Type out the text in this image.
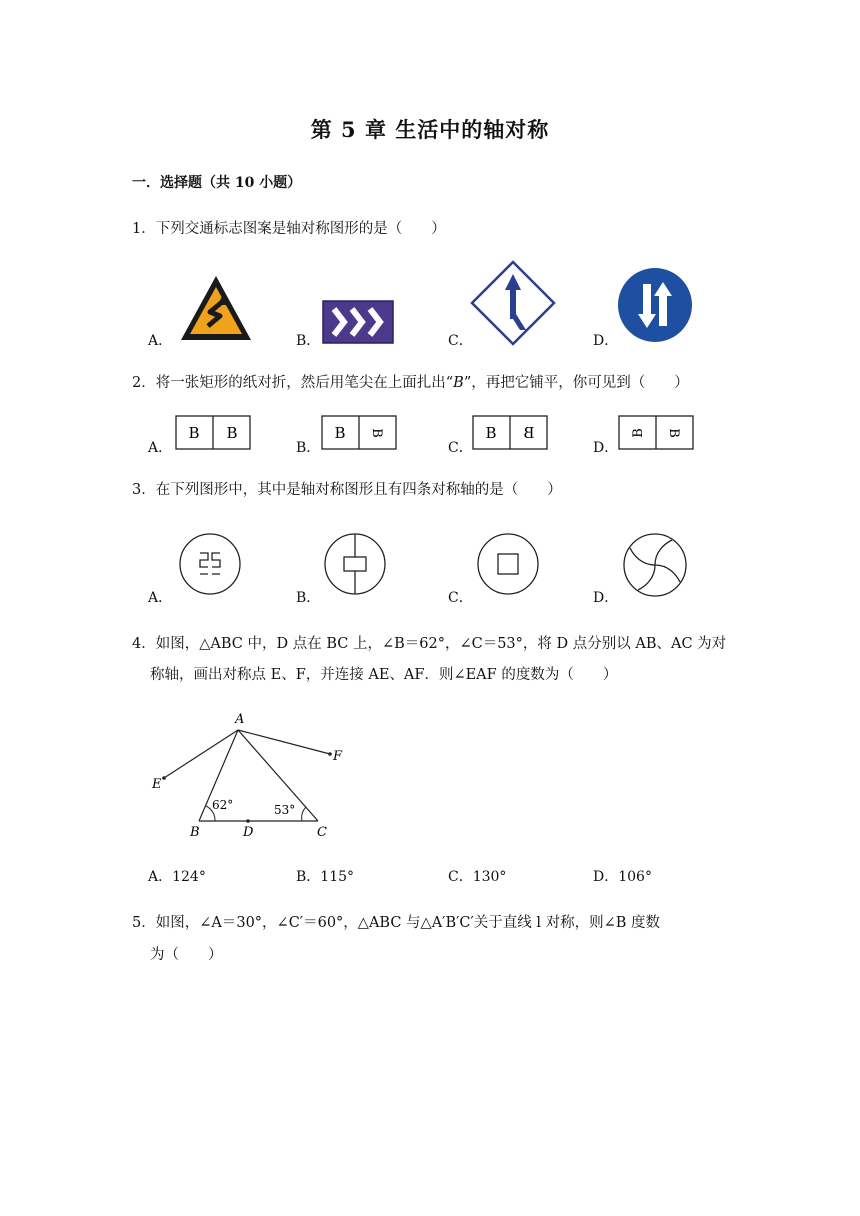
第 5 章 生活中的轴对称
一．选择题（共 10 小题）
1．下列交通标志图案是轴对称图形的是（　　）
A．	B．	C．	D．
2．将一张矩形的纸对折，然后用笔尖在上面扎出“B”，再把它铺平，你可见到（　　）
A．
B B
B．
B B
C．
B B
D．
B B
3．在下列图形中，其中是轴对称图形且有四条对称轴的是（　　）
A．	B．	C．	D．
4．如图，△ABC 中，D 点在 BC 上，∠B＝62°，∠C＝53°，将 D 点分别以 AB、AC 为对
称轴，画出对称点 E、F，并连接 AE、AF．则∠EAF 的度数为（　　）
A
E
F
B	D	C
62°	53°
A．124°	B．115°	C．130°	D．106°
5．如图，∠A＝30°，∠C′＝60°，△ABC 与△A′B′C′关于直线 l 对称，则∠B 度数
为（　　）
